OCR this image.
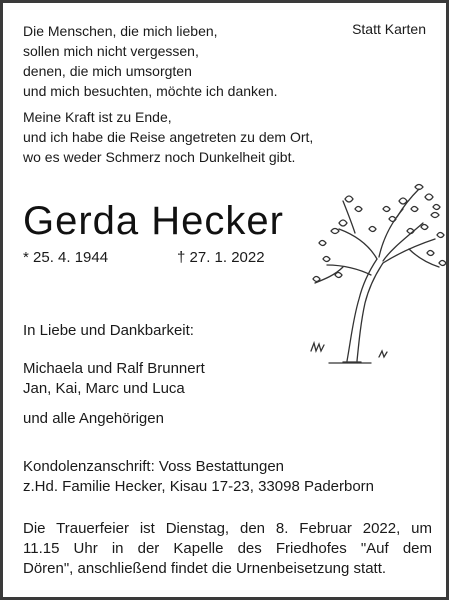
Die Menschen, die mich lieben,
sollen mich nicht vergessen,
denen, die mich umsorgten
und mich besuchten, möchte ich danken.
Statt Karten
Meine Kraft ist zu Ende,
und ich habe die Reise angetreten zu dem Ort,
wo es weder Schmerz noch Dunkelheit gibt.
Gerda Hecker
* 25. 4. 1944	† 27. 1. 2022
In Liebe und Dankbarkeit:
Michaela und Ralf Brunnert
Jan, Kai, Marc und Luca
und alle Angehörigen
Kondolenzanschrift: Voss Bestattungen
z.Hd. Familie Hecker, Kisau 17-23, 33098 Paderborn
Die Trauerfeier ist Dienstag, den 8. Februar 2022, um
11.15 Uhr in der Kapelle des Friedhofes "Auf dem
Dören", anschließend findet die Urnenbeisetzung statt.
